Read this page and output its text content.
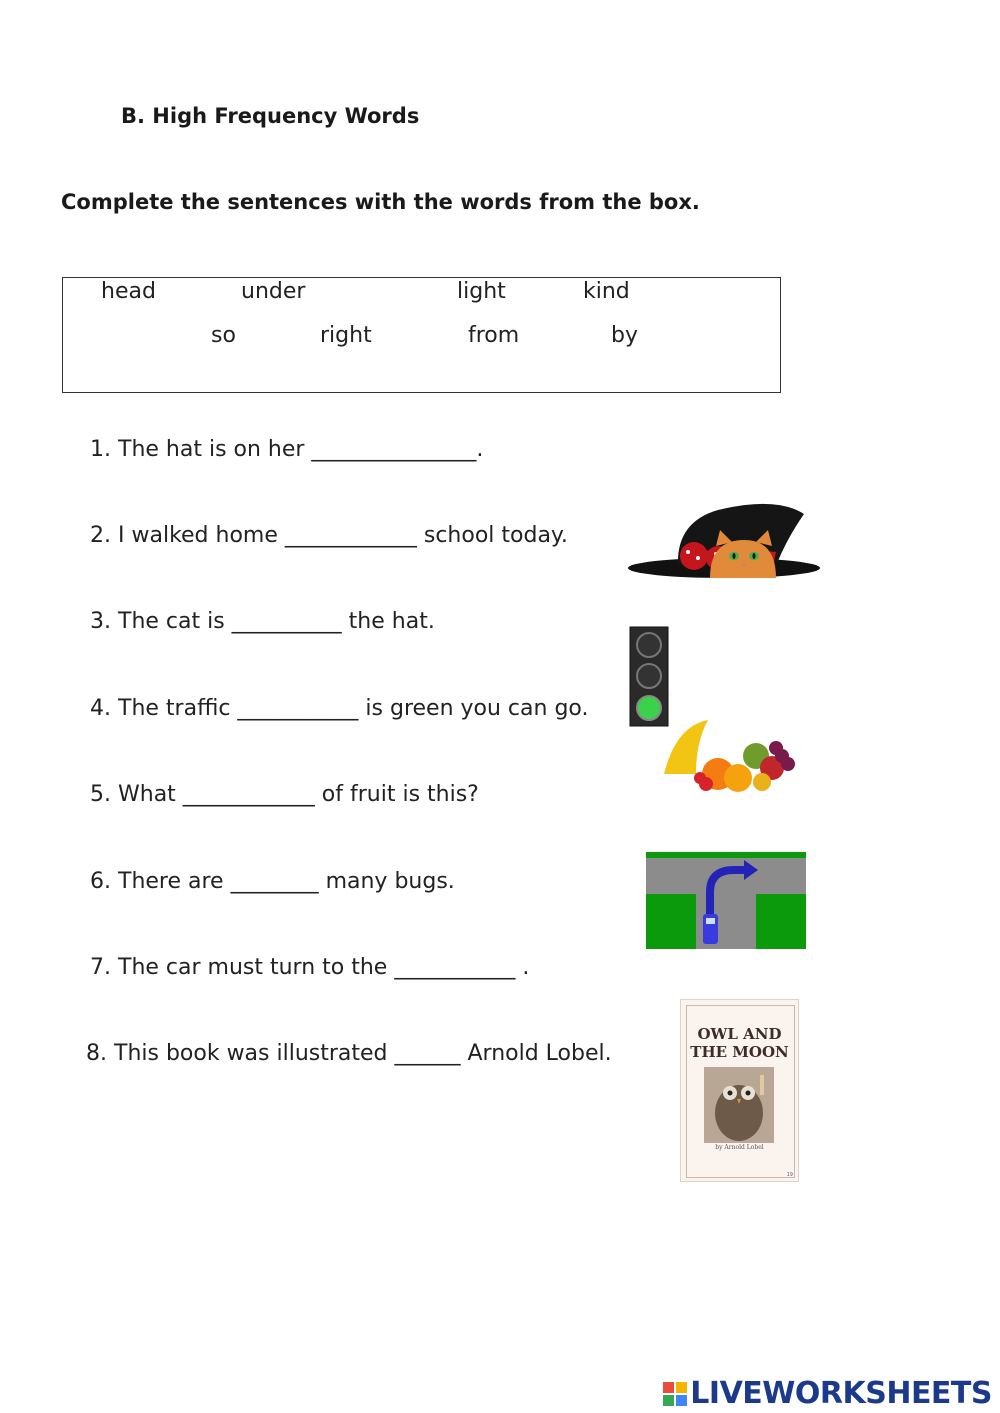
B. High Frequency Words
Complete the sentences with the words from the box.
head	under	light	kind
so	right	from	by
1. The hat is on her _______________.
2. I walked home ____________ school today.
3. The cat is __________ the hat.
4. The traffic ___________ is green you can go.
5. What ____________ of fruit is this?
6. There are ________ many bugs.
7. The car must turn to the ___________ .
8. This book was illustrated ______ Arnold Lobel.
OWL AND
THE MOON
by Arnold Lobel
19
LIVEWORKSHEETS
